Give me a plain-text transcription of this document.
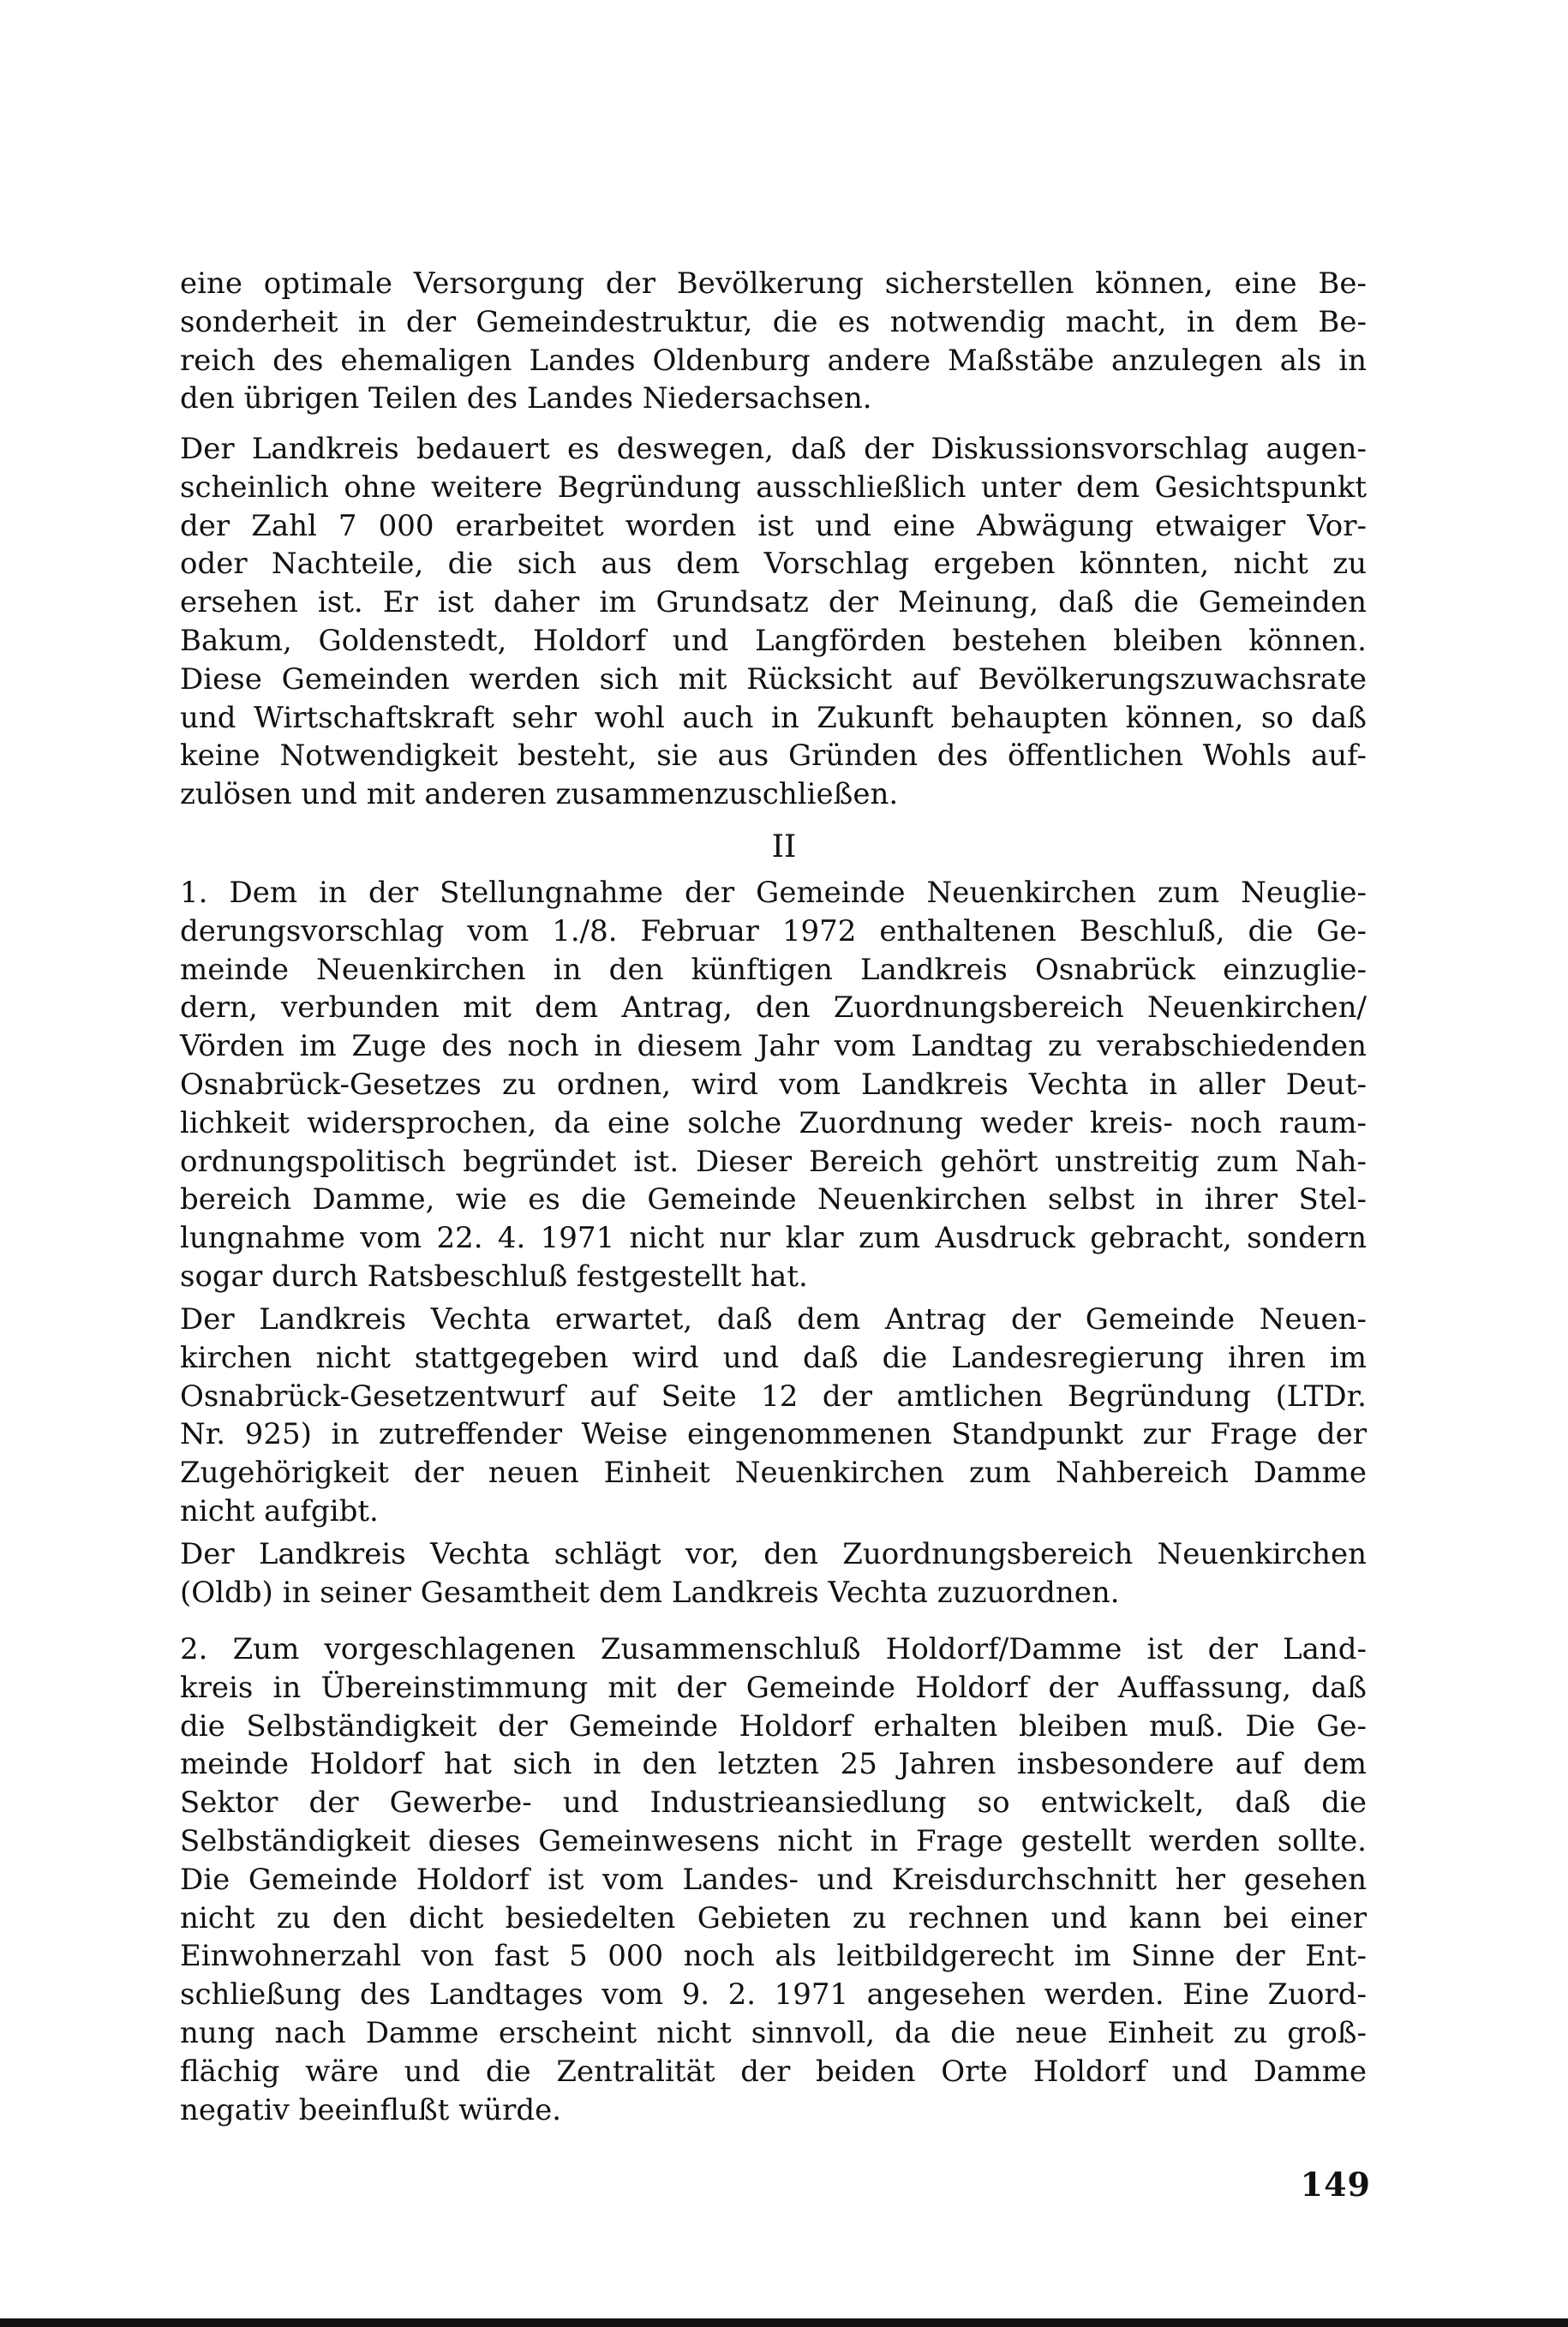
eine optimale Versorgung der Bevölkerung sicherstellen können, eine Be-
sonderheit in der Gemeindestruktur, die es notwendig macht, in dem Be-
reich des ehemaligen Landes Oldenburg andere Maßstäbe anzulegen als in
den übrigen Teilen des Landes Niedersachsen.
Der Landkreis bedauert es deswegen, daß der Diskussionsvorschlag augen-
scheinlich ohne weitere Begründung ausschließlich unter dem Gesichtspunkt
der Zahl 7 000 erarbeitet worden ist und eine Abwägung etwaiger Vor-
oder Nachteile, die sich aus dem Vorschlag ergeben könnten, nicht zu
ersehen ist. Er ist daher im Grundsatz der Meinung, daß die Gemeinden
Bakum, Goldenstedt, Holdorf und Langförden bestehen bleiben können.
Diese Gemeinden werden sich mit Rücksicht auf Bevölkerungszuwachsrate
und Wirtschaftskraft sehr wohl auch in Zukunft behaupten können, so daß
keine Notwendigkeit besteht, sie aus Gründen des öffentlichen Wohls auf-
zulösen und mit anderen zusammenzuschließen.
II
1. Dem in der Stellungnahme der Gemeinde Neuenkirchen zum Neuglie-
derungsvorschlag vom 1./8. Februar 1972 enthaltenen Beschluß, die Ge-
meinde Neuenkirchen in den künftigen Landkreis Osnabrück einzuglie-
dern, verbunden mit dem Antrag, den Zuordnungsbereich Neuenkirchen/
Vörden im Zuge des noch in diesem Jahr vom Landtag zu verabschiedenden
Osnabrück-Gesetzes zu ordnen, wird vom Landkreis Vechta in aller Deut-
lichkeit widersprochen, da eine solche Zuordnung weder kreis- noch raum-
ordnungspolitisch begründet ist. Dieser Bereich gehört unstreitig zum Nah-
bereich Damme, wie es die Gemeinde Neuenkirchen selbst in ihrer Stel-
lungnahme vom 22. 4. 1971 nicht nur klar zum Ausdruck gebracht, sondern
sogar durch Ratsbeschluß festgestellt hat.
Der Landkreis Vechta erwartet, daß dem Antrag der Gemeinde Neuen-
kirchen nicht stattgegeben wird und daß die Landesregierung ihren im
Osnabrück-Gesetzentwurf auf Seite 12 der amtlichen Begründung (LTDr.
Nr. 925) in zutreffender Weise eingenommenen Standpunkt zur Frage der
Zugehörigkeit der neuen Einheit Neuenkirchen zum Nahbereich Damme
nicht aufgibt.
Der Landkreis Vechta schlägt vor, den Zuordnungsbereich Neuenkirchen
(Oldb) in seiner Gesamtheit dem Landkreis Vechta zuzuordnen.
2. Zum vorgeschlagenen Zusammenschluß Holdorf/Damme ist der Land-
kreis in Übereinstimmung mit der Gemeinde Holdorf der Auffassung, daß
die Selbständigkeit der Gemeinde Holdorf erhalten bleiben muß. Die Ge-
meinde Holdorf hat sich in den letzten 25 Jahren insbesondere auf dem
Sektor der Gewerbe- und Industrieansiedlung so entwickelt, daß die
Selbständigkeit dieses Gemeinwesens nicht in Frage gestellt werden sollte.
Die Gemeinde Holdorf ist vom Landes- und Kreisdurchschnitt her gesehen
nicht zu den dicht besiedelten Gebieten zu rechnen und kann bei einer
Einwohnerzahl von fast 5 000 noch als leitbildgerecht im Sinne der Ent-
schließung des Landtages vom 9. 2. 1971 angesehen werden. Eine Zuord-
nung nach Damme erscheint nicht sinnvoll, da die neue Einheit zu groß-
flächig wäre und die Zentralität der beiden Orte Holdorf und Damme
negativ beeinflußt würde.
149
